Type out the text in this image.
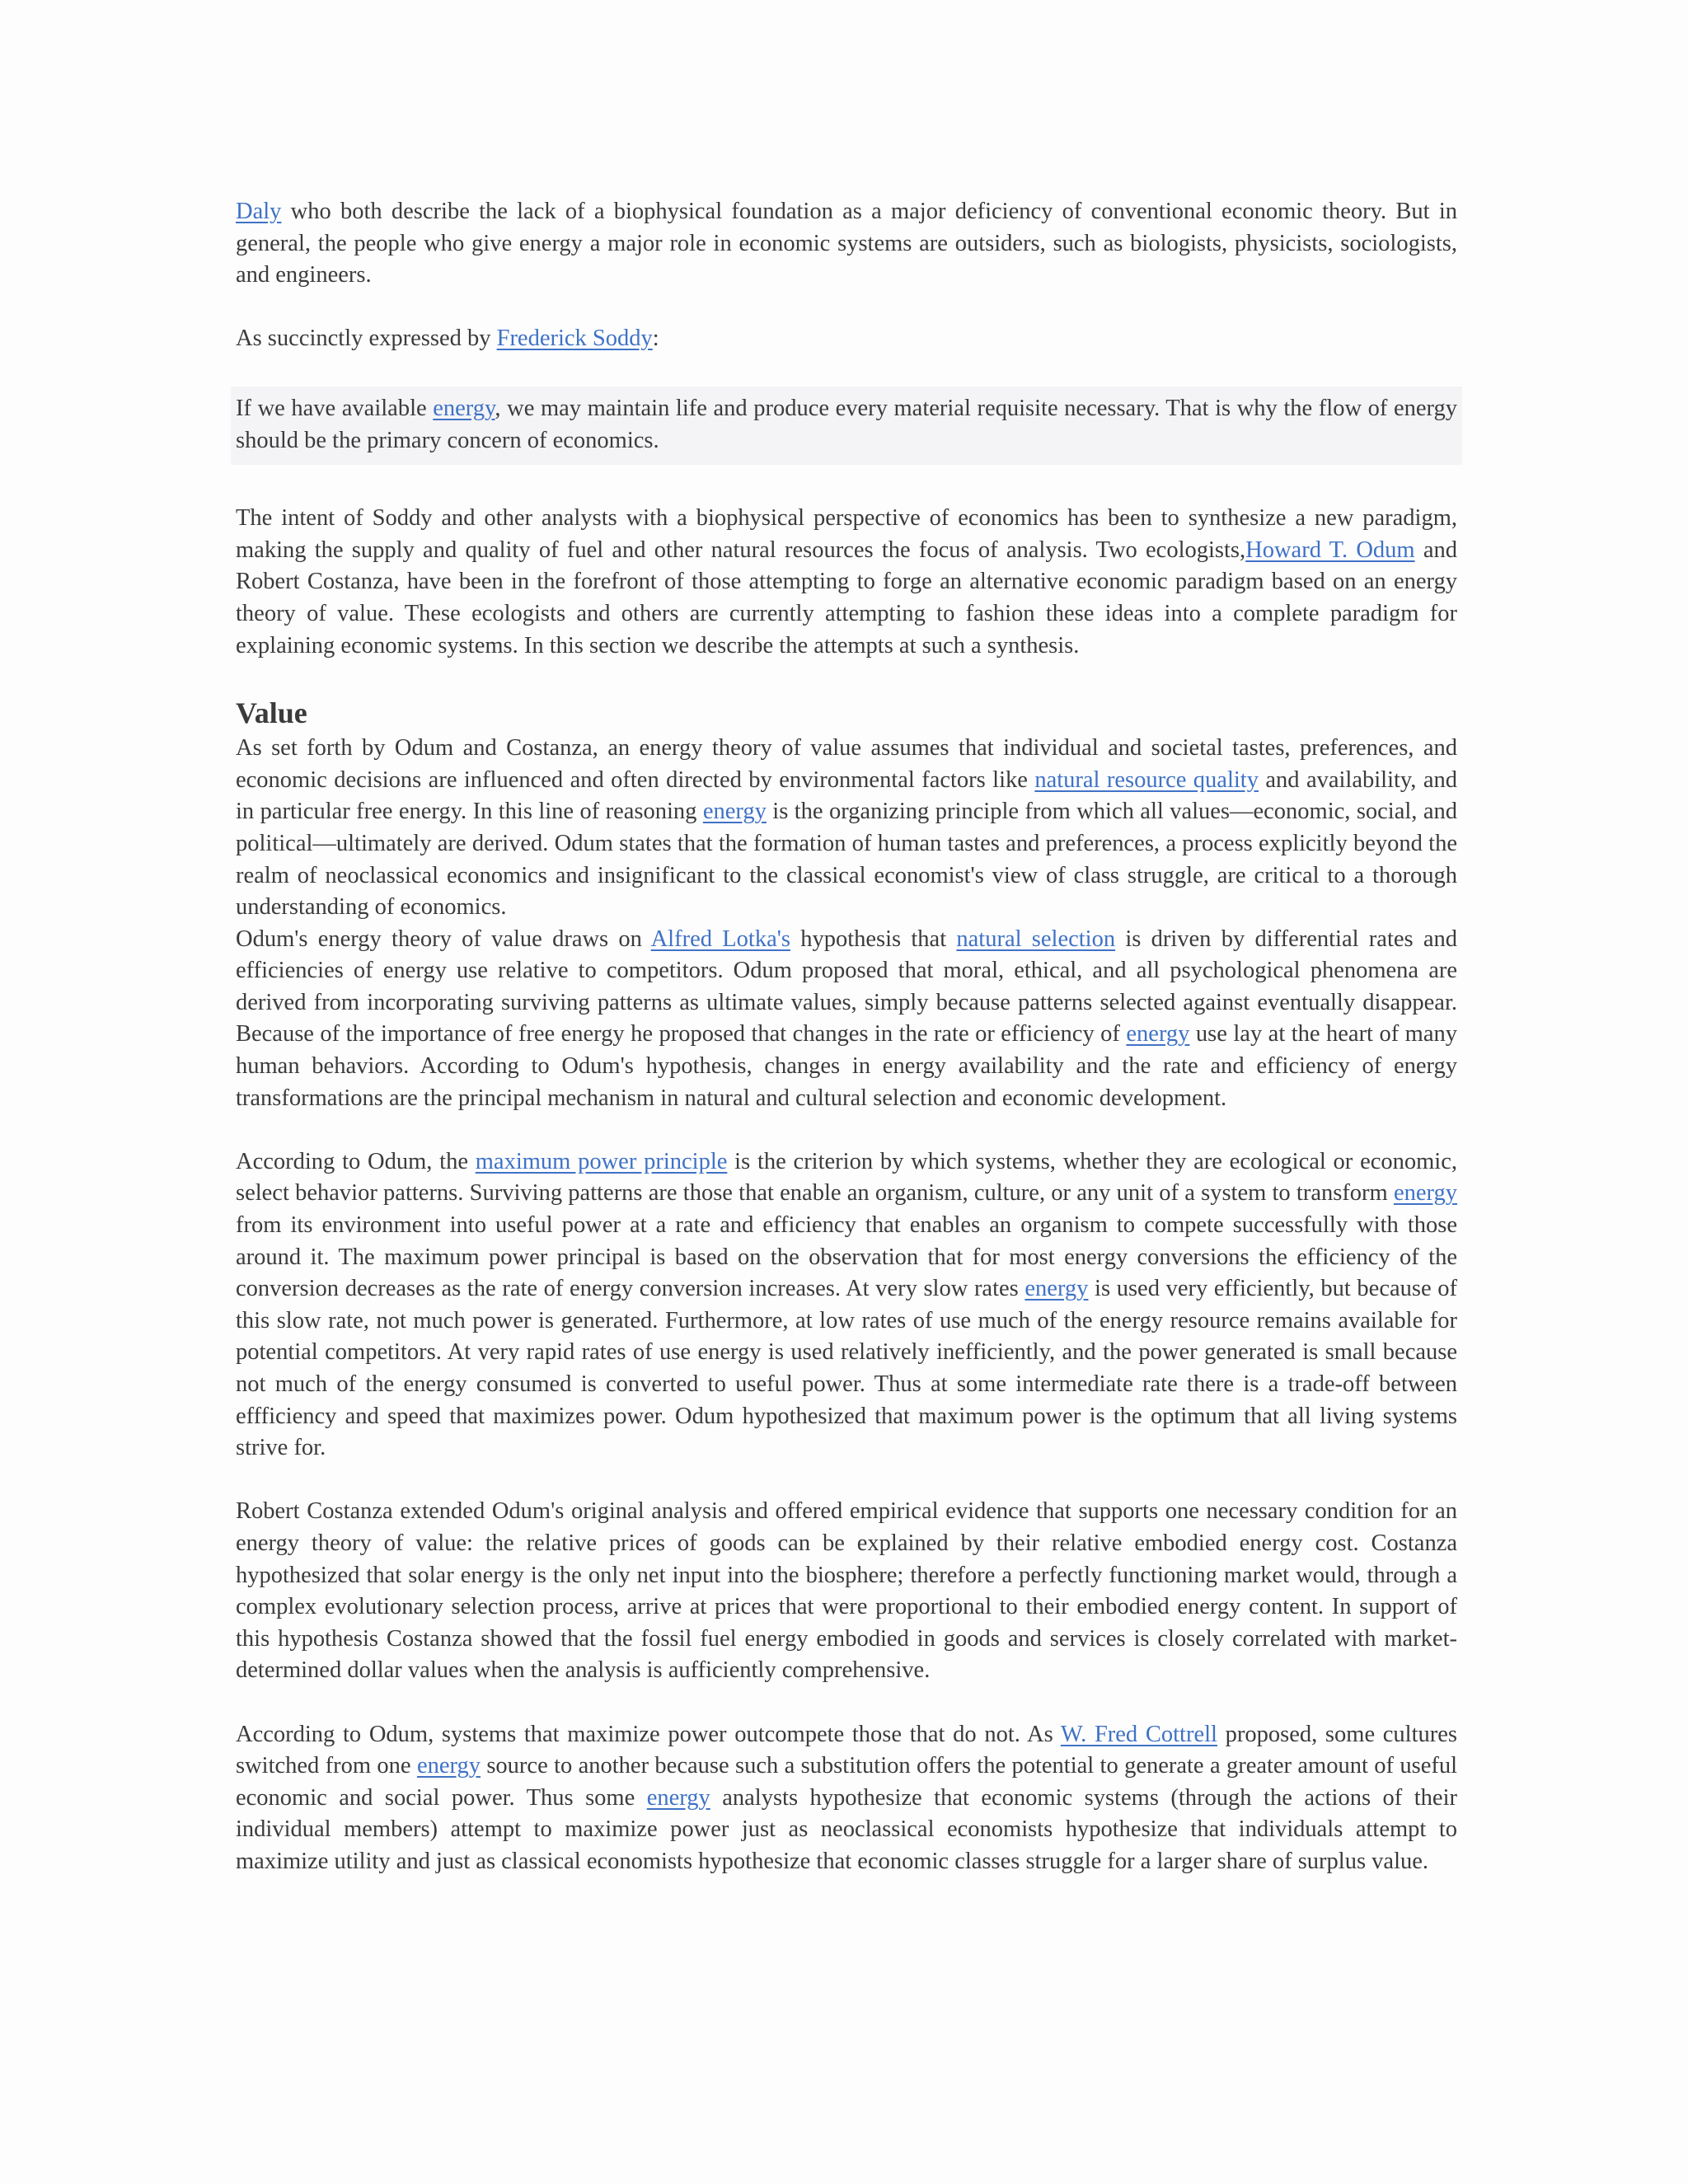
Daly who both describe the lack of a biophysical foundation as a major deficiency of conventional economic theory. But in general, the people who give energy a major role in economic systems are outsiders, such as biologists, physicists, sociologists, and engineers.

As succinctly expressed by Frederick Soddy:

If we have available energy, we may maintain life and produce every material requisite necessary. That is why the flow of energy should be the primary concern of economics.

The intent of Soddy and other analysts with a biophysical perspective of economics has been to synthesize a new paradigm, making the supply and quality of fuel and other natural resources the focus of analysis. Two ecologists,Howard T. Odum and Robert Costanza, have been in the forefront of those attempting to forge an alternative economic paradigm based on an energy theory of value. These ecologists and others are currently attempting to fashion these ideas into a complete paradigm for explaining economic systems. In this section we describe the attempts at such a synthesis.

Value

As set forth by Odum and Costanza, an energy theory of value assumes that individual and societal tastes, preferences, and economic decisions are influenced and often directed by environmental factors like natural resource quality and availability, and in particular free energy. In this line of reasoning energy is the organizing principle from which all values—economic, social, and political—ultimately are derived. Odum states that the formation of human tastes and preferences, a process explicitly beyond the realm of neoclassical economics and insignificant to the classical economist's view of class struggle, are critical to a thorough understanding of economics.

Odum's energy theory of value draws on Alfred Lotka's hypothesis that natural selection is driven by differential rates and efficiencies of energy use relative to competitors. Odum proposed that moral, ethical, and all psychological phenomena are derived from incorporating surviving patterns as ultimate values, simply because patterns selected against eventually disappear. Because of the importance of free energy he proposed that changes in the rate or efficiency of energy use lay at the heart of many human behaviors. According to Odum's hypothesis, changes in energy availability and the rate and efficiency of energy transformations are the principal mechanism in natural and cultural selection and economic development.

According to Odum, the maximum power principle is the criterion by which systems, whether they are ecological or economic, select behavior patterns. Surviving patterns are those that enable an organism, culture, or any unit of a system to transform energy from its environment into useful power at a rate and efficiency that enables an organism to compete successfully with those around it. The maximum power principal is based on the observation that for most energy conversions the efficiency of the conversion decreases as the rate of energy conversion increases. At very slow rates energy is used very efficiently, but because of this slow rate, not much power is generated. Furthermore, at low rates of use much of the energy resource remains available for potential competitors. At very rapid rates of use energy is used relatively inefficiently, and the power generated is small because not much of the energy consumed is converted to useful power. Thus at some intermediate rate there is a trade-off between effficiency and speed that maximizes power. Odum hypothesized that maximum power is the optimum that all living systems strive for.

Robert Costanza extended Odum's original analysis and offered empirical evidence that supports one necessary condition for an energy theory of value: the relative prices of goods can be explained by their relative embodied energy cost. Costanza hypothesized that solar energy is the only net input into the biosphere; therefore a perfectly functioning market would, through a complex evolutionary selection process, arrive at prices that were proportional to their embodied energy content. In support of this hypothesis Costanza showed that the fossil fuel energy embodied in goods and services is closely correlated with market-determined dollar values when the analysis is aufficiently comprehensive.

According to Odum, systems that maximize power outcompete those that do not. As W. Fred Cottrell proposed, some cultures switched from one energy source to another because such a substitution offers the potential to generate a greater amount of useful economic and social power. Thus some energy analysts hypothesize that economic systems (through the actions of their individual members) attempt to maximize power just as neoclassical economists hypothesize that individuals attempt to maximize utility and just as classical economists hypothesize that economic classes struggle for a larger share of surplus value.
